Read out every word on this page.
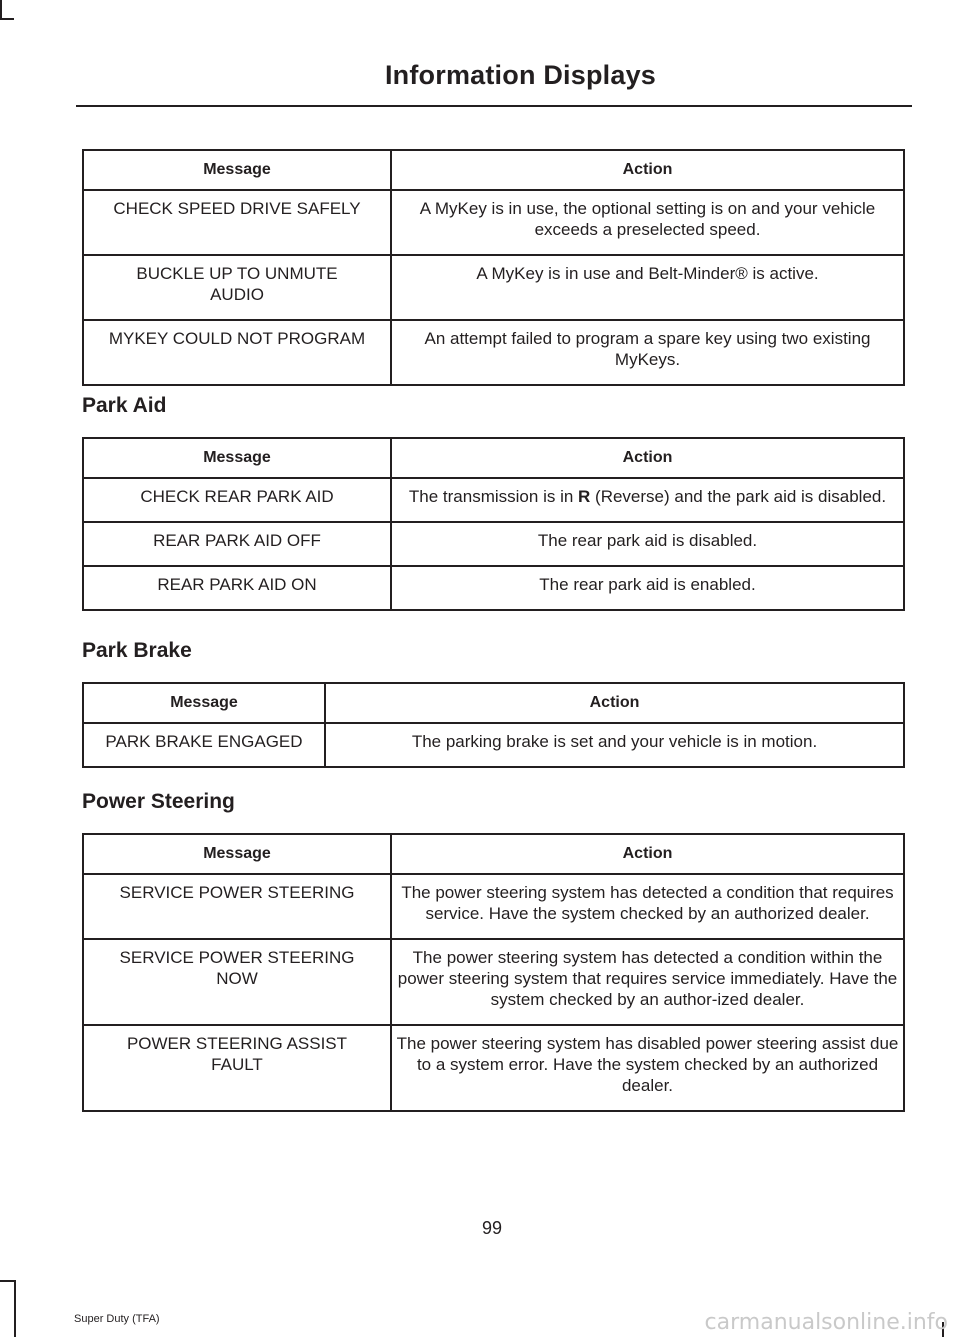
Information Displays
Message	Action
CHECK SPEED DRIVE SAFELY	A MyKey is in use, the optional setting is on and your vehicle exceeds a preselected speed.
BUCKLE UP TO UNMUTE AUDIO	A MyKey is in use and Belt-Minder® is active.
MYKEY COULD NOT PROGRAM	An attempt failed to program a spare key using two existing MyKeys.
Park Aid
Message	Action
CHECK REAR PARK AID	The transmission is in R (Reverse) and the park aid is disabled.
REAR PARK AID OFF	The rear park aid is disabled.
REAR PARK AID ON	The rear park aid is enabled.
Park Brake
Message	Action
PARK BRAKE ENGAGED	The parking brake is set and your vehicle is in motion.
Power Steering
Message	Action
SERVICE POWER STEERING	The power steering system has detected a condition that requires service. Have the system checked by an authorized dealer.
SERVICE POWER STEERING NOW	The power steering system has detected a condition within the power steering system that requires service immediately. Have the system checked by an author-ized dealer.
POWER STEERING ASSIST FAULT	The power steering system has disabled power steering assist due to a system error. Have the system checked by an authorized dealer.
99
Super Duty (TFA)	carmanualsonline.info
